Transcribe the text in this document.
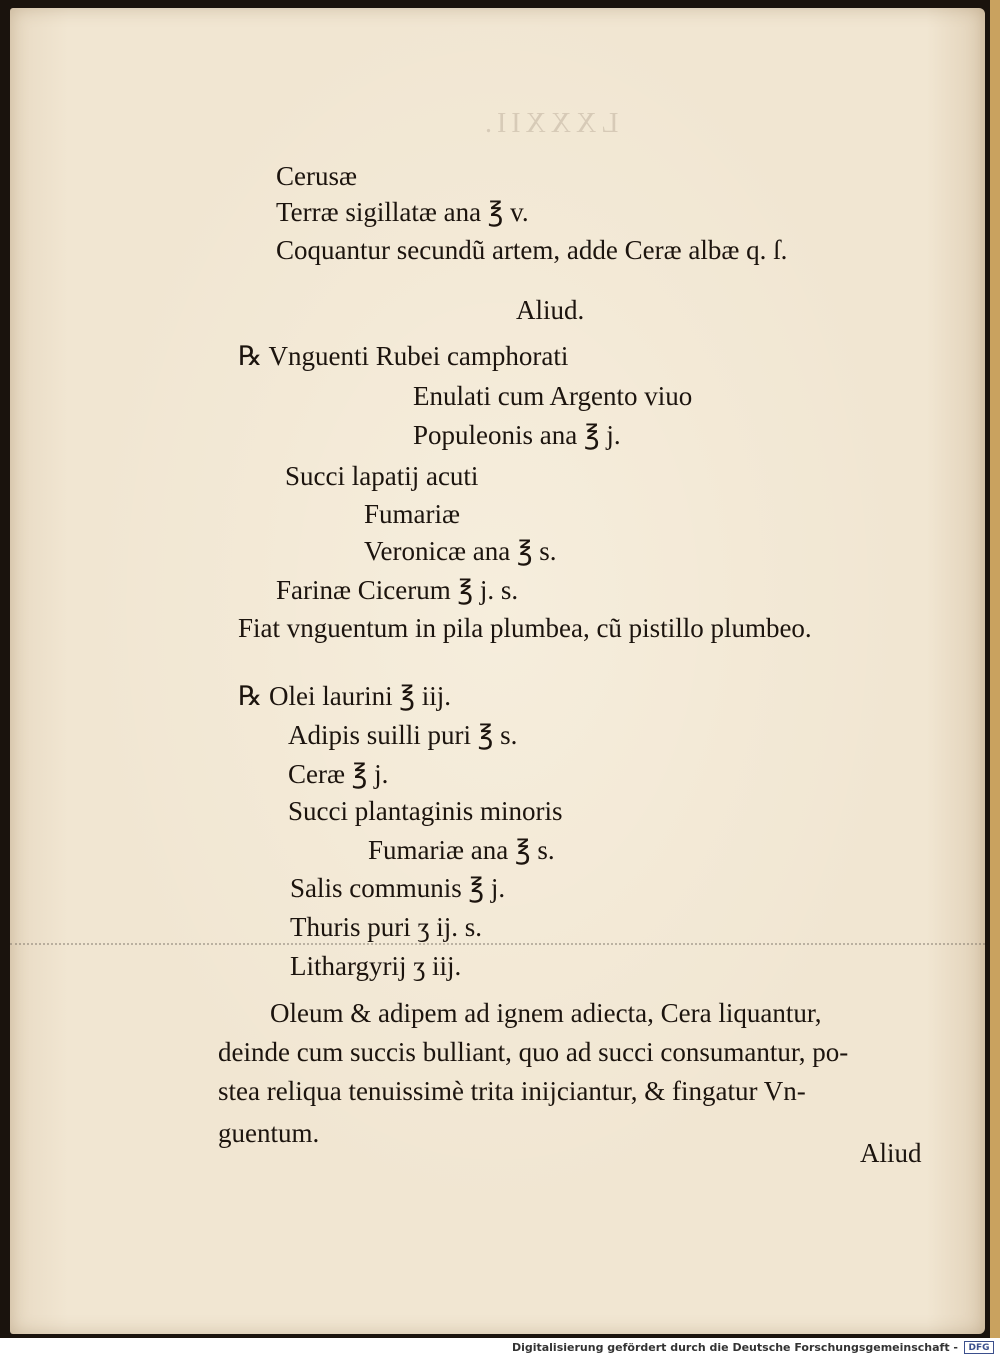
LXXXII.
Cerusæ
Terræ sigillatæ ana ℥ v.
Coquantur secundũ artem, adde Ceræ albæ q. ſ.
Aliud.
℞ Vnguenti Rubei camphorati
Enulati cum Argento viuo
Populeonis ana ℥ j.
Succi lapatij acuti
Fumariæ
Veronicæ ana ℥ s.
Farinæ Cicerum ℥ j. s.
Fiat vnguentum in pila plumbea, cũ pistillo plumbeo.
℞ Olei laurini ℥ iij.
Adipis suilli puri ℥ s.
Ceræ ℥ j.
Succi plantaginis minoris
Fumariæ ana ℥ s.
Salis communis ℥ j.
Thuris puri ʒ ij. s.
Lithargyrij ʒ iij.
Oleum & adipem ad ignem adiecta, Cera liquantur,
deinde cum succis bulliant, quo ad succi consumantur, po-
stea reliqua tenuissimè trita inijciantur, & fingatur Vn-
guentum.
Aliud
Digitalisierung gefördert durch die Deutsche Forschungsgemeinschaft -	DFG
